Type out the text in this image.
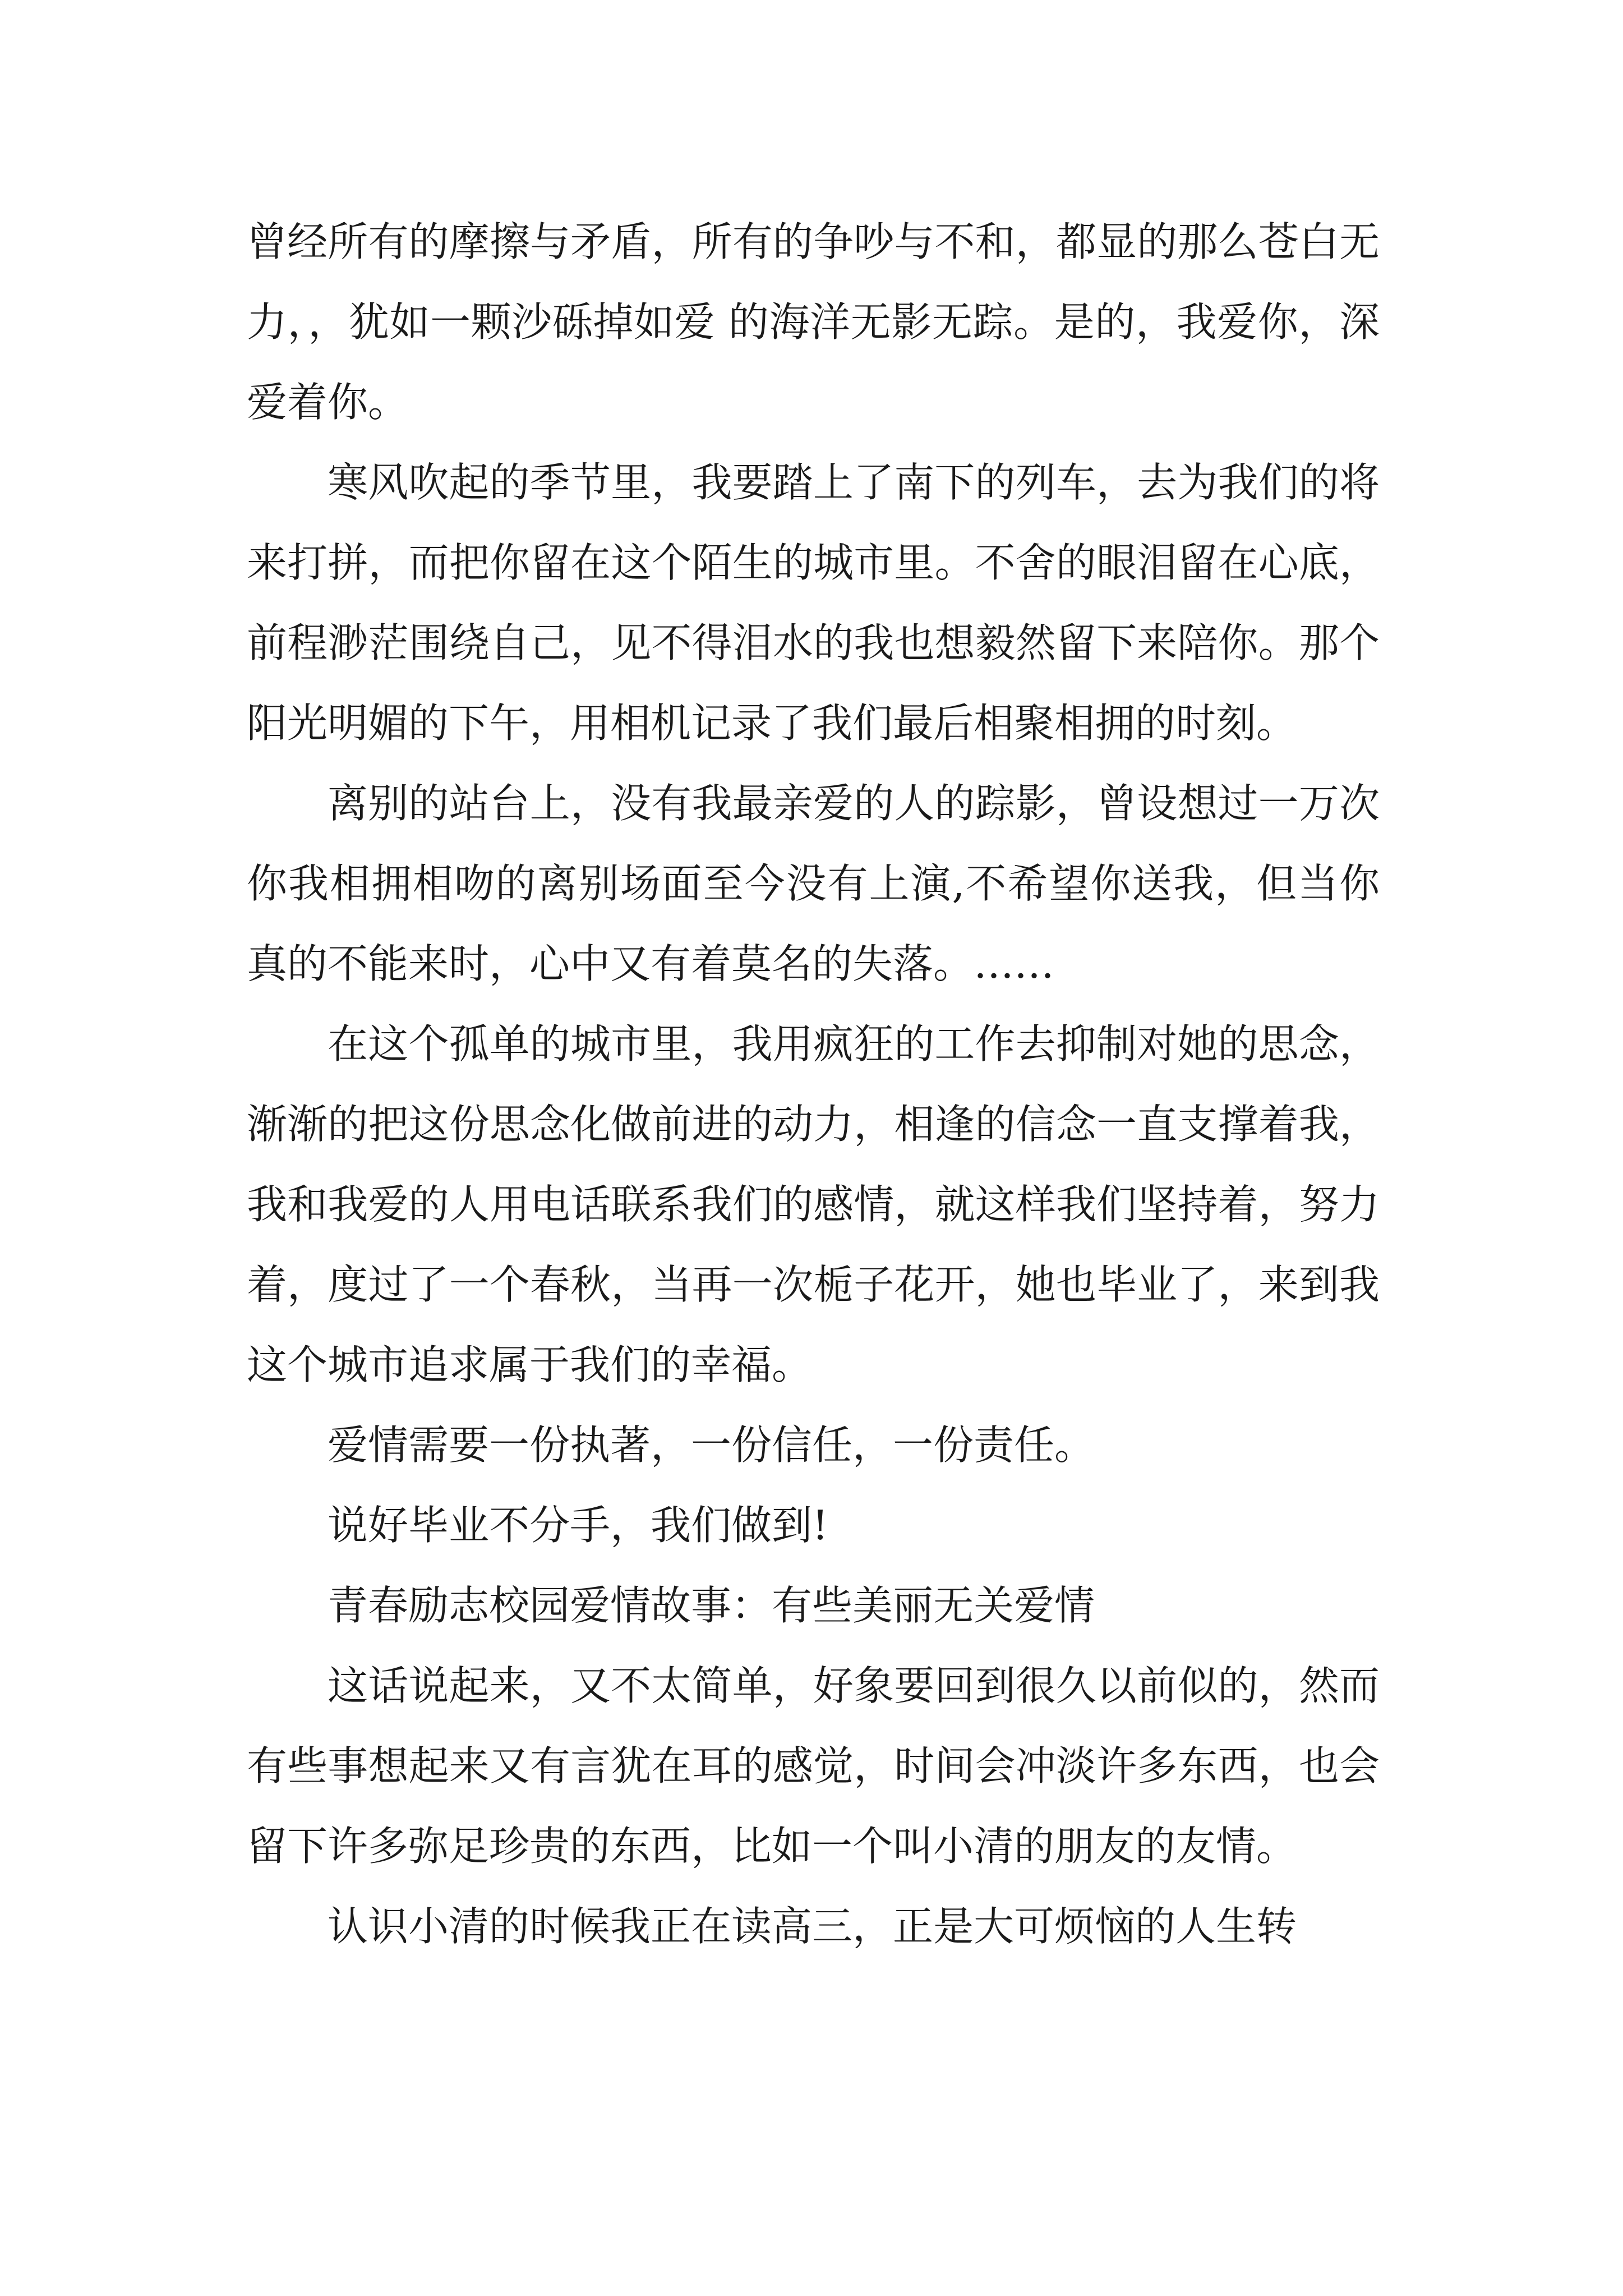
曾经所有的摩擦与矛盾，所有的争吵与不和，都显的那么苍白无力，，犹如一颗沙砾掉如爱 的海洋无影无踪。是的，我爱你，深爱着你。

寒风吹起的季节里，我要踏上了南下的列车，去为我们的将来打拼，而把你留在这个陌生的城市里。不舍的眼泪留在心底，前程渺茫围绕自己，见不得泪水的我也想毅然留下来陪你。那个阳光明媚的下午，用相机记录了我们最后相聚相拥的时刻。

离别的站台上，没有我最亲爱的人的踪影，曾设想过一万次你我相拥相吻的离别场面至今没有上演,不希望你送我，但当你真的不能来时，心中又有着莫名的失落。……

在这个孤单的城市里，我用疯狂的工作去抑制对她的思念，渐渐的把这份思念化做前进的动力，相逢的信念一直支撑着我，我和我爱的人用电话联系我们的感情，就这样我们坚持着，努力着，度过了一个春秋，当再一次栀子花开，她也毕业了，来到我这个城市追求属于我们的幸福。

爱情需要一份执著，一份信任，一份责任。

说好毕业不分手，我们做到!

青春励志校园爱情故事：有些美丽无关爱情

这话说起来，又不太简单，好象要回到很久以前似的，然而有些事想起来又有言犹在耳的感觉，时间会冲淡许多东西，也会留下许多弥足珍贵的东西，比如一个叫小清的朋友的友情。

认识小清的时候我正在读高三，正是大可烦恼的人生转
